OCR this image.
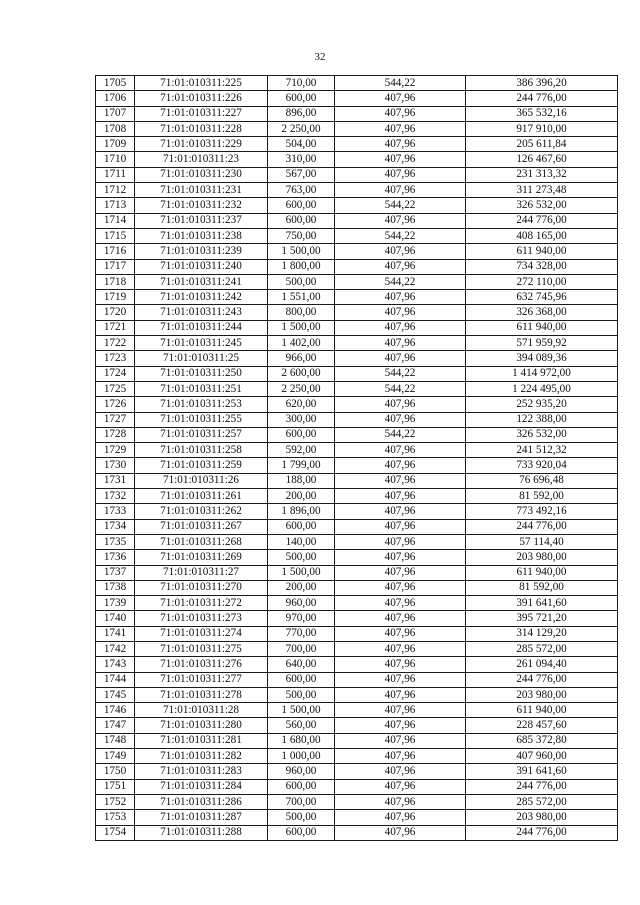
32
1705	71:01:010311:225	710,00	544,22	386 396,20
1706	71:01:010311:226	600,00	407,96	244 776,00
1707	71:01:010311:227	896,00	407,96	365 532,16
1708	71:01:010311:228	2 250,00	407,96	917 910,00
1709	71:01:010311:229	504,00	407,96	205 611,84
1710	71:01:010311:23	310,00	407,96	126 467,60
1711	71:01:010311:230	567,00	407,96	231 313,32
1712	71:01:010311:231	763,00	407,96	311 273,48
1713	71:01:010311:232	600,00	544,22	326 532,00
1714	71:01:010311:237	600,00	407,96	244 776,00
1715	71:01:010311:238	750,00	544,22	408 165,00
1716	71:01:010311:239	1 500,00	407,96	611 940,00
1717	71:01:010311:240	1 800,00	407,96	734 328,00
1718	71:01:010311:241	500,00	544,22	272 110,00
1719	71:01:010311:242	1 551,00	407,96	632 745,96
1720	71:01:010311:243	800,00	407,96	326 368,00
1721	71:01:010311:244	1 500,00	407,96	611 940,00
1722	71:01:010311:245	1 402,00	407,96	571 959,92
1723	71:01:010311:25	966,00	407,96	394 089,36
1724	71:01:010311:250	2 600,00	544,22	1 414 972,00
1725	71:01:010311:251	2 250,00	544,22	1 224 495,00
1726	71:01:010311:253	620,00	407,96	252 935,20
1727	71:01:010311:255	300,00	407,96	122 388,00
1728	71:01:010311:257	600,00	544,22	326 532,00
1729	71:01:010311:258	592,00	407,96	241 512,32
1730	71:01:010311:259	1 799,00	407,96	733 920,04
1731	71:01:010311:26	188,00	407,96	76 696,48
1732	71:01:010311:261	200,00	407,96	81 592,00
1733	71:01:010311:262	1 896,00	407,96	773 492,16
1734	71:01:010311:267	600,00	407,96	244 776,00
1735	71:01:010311:268	140,00	407,96	57 114,40
1736	71:01:010311:269	500,00	407,96	203 980,00
1737	71:01:010311:27	1 500,00	407,96	611 940,00
1738	71:01:010311:270	200,00	407,96	81 592,00
1739	71:01:010311:272	960,00	407,96	391 641,60
1740	71:01:010311:273	970,00	407,96	395 721,20
1741	71:01:010311:274	770,00	407,96	314 129,20
1742	71:01:010311:275	700,00	407,96	285 572,00
1743	71:01:010311:276	640,00	407,96	261 094,40
1744	71:01:010311:277	600,00	407,96	244 776,00
1745	71:01:010311:278	500,00	407,96	203 980,00
1746	71:01:010311:28	1 500,00	407,96	611 940,00
1747	71:01:010311:280	560,00	407,96	228 457,60
1748	71:01:010311:281	1 680,00	407,96	685 372,80
1749	71:01:010311:282	1 000,00	407,96	407 960,00
1750	71:01:010311:283	960,00	407,96	391 641,60
1751	71:01:010311:284	600,00	407,96	244 776,00
1752	71:01:010311:286	700,00	407,96	285 572,00
1753	71:01:010311:287	500,00	407,96	203 980,00
1754	71:01:010311:288	600,00	407,96	244 776,00
